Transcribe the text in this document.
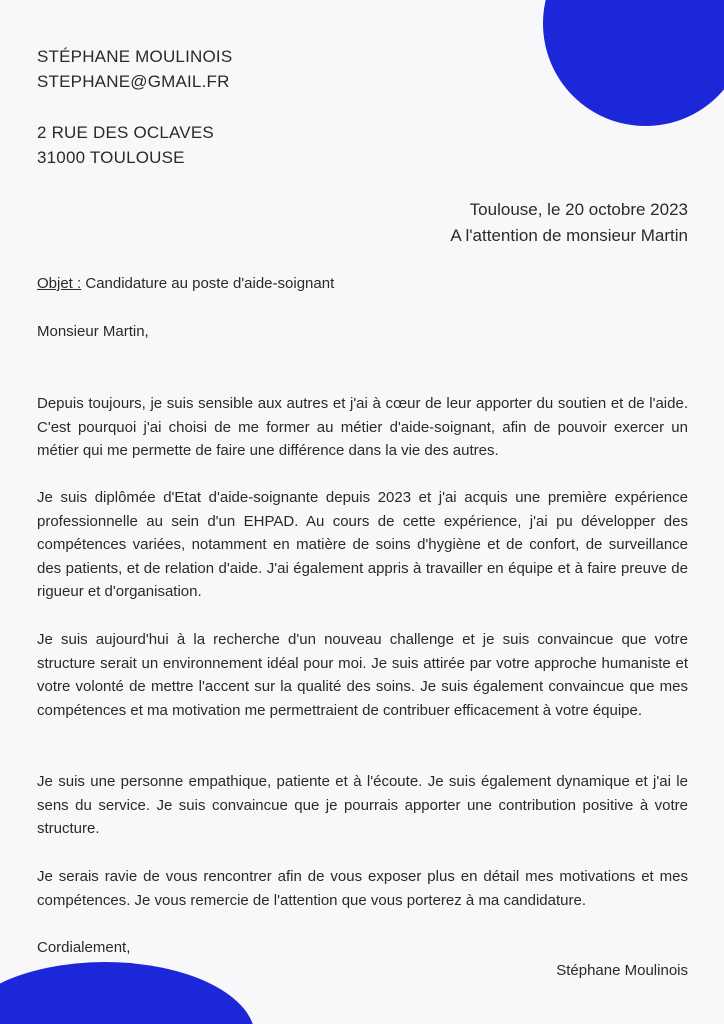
STÉPHANE MOULINOIS
STEPHANE@GMAIL.FR
2 RUE DES OCLAVES
31000 TOULOUSE
Toulouse, le 20 octobre 2023
A l'attention de monsieur Martin
Objet : Candidature au poste d'aide-soignant
Monsieur Martin,
Depuis toujours, je suis sensible aux autres et j'ai à cœur de leur apporter du soutien et de l'aide. C'est pourquoi j'ai choisi de me former au métier d'aide-soignant, afin de pouvoir exercer un métier qui me permette de faire une différence dans la vie des autres.
Je suis diplômée d'Etat d'aide-soignante depuis 2023 et j'ai acquis une première expérience professionnelle au sein d'un EHPAD. Au cours de cette expérience, j'ai pu développer des compétences variées, notamment en matière de soins d'hygiène et de confort, de surveillance des patients, et de relation d'aide. J'ai également appris à travailler en équipe et à faire preuve de rigueur et d'organisation.
Je suis aujourd'hui à la recherche d'un nouveau challenge et je suis convaincue que votre structure serait un environnement idéal pour moi. Je suis attirée par votre approche humaniste et votre volonté de mettre l'accent sur la qualité des soins. Je suis également convaincue que mes compétences et ma motivation me permettraient de contribuer efficacement à votre équipe.
Je suis une personne empathique, patiente et à l'écoute. Je suis également dynamique et j'ai le sens du service. Je suis convaincue que je pourrais apporter une contribution positive à votre structure.
Je serais ravie de vous rencontrer afin de vous exposer plus en détail mes motivations et mes compétences. Je vous remercie de l'attention que vous porterez à ma candidature.
Cordialement,
Stéphane Moulinois
